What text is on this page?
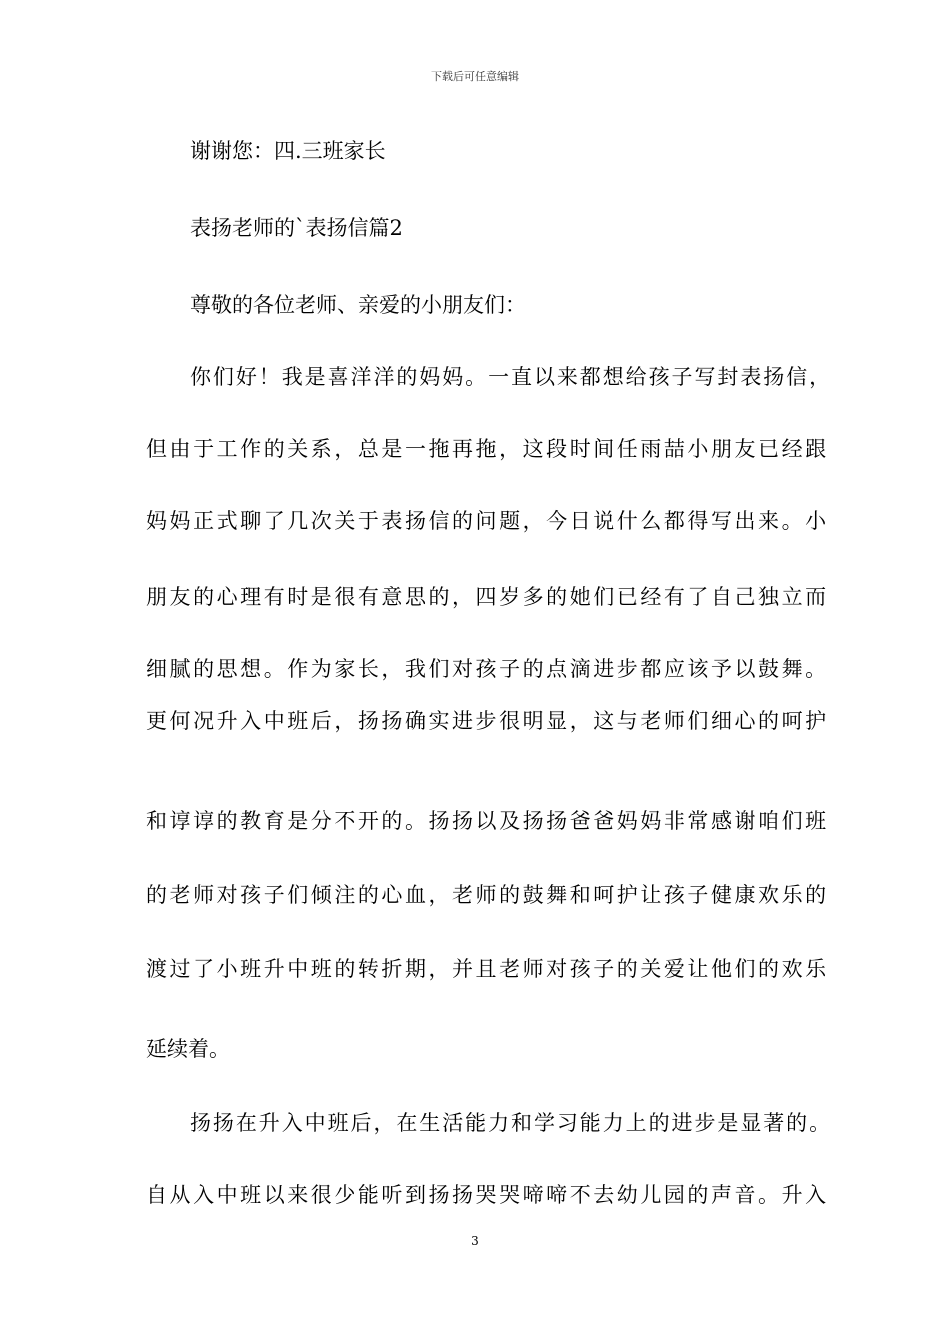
下载后可任意编辑
谢谢您：四.三班家长
表扬老师的`表扬信篇2
尊敬的各位老师、亲爱的小朋友们：
你们好！我是喜洋洋的妈妈。一直以来都想给孩子写封表扬信，
但由于工作的关系，总是一拖再拖，这段时间任雨喆小朋友已经跟
妈妈正式聊了几次关于表扬信的问题，今日说什么都得写出来。小
朋友的心理有时是很有意思的，四岁多的她们已经有了自己独立而
细腻的思想。作为家长，我们对孩子的点滴进步都应该予以鼓舞。
更何况升入中班后，扬扬确实进步很明显，这与老师们细心的呵护
和谆谆的教育是分不开的。扬扬以及扬扬爸爸妈妈非常感谢咱们班
的老师对孩子们倾注的心血，老师的鼓舞和呵护让孩子健康欢乐的
渡过了小班升中班的转折期，并且老师对孩子的关爱让他们的欢乐
延续着。
扬扬在升入中班后，在生活能力和学习能力上的进步是显著的。
自从入中班以来很少能听到扬扬哭哭啼啼不去幼儿园的声音。升入
3
